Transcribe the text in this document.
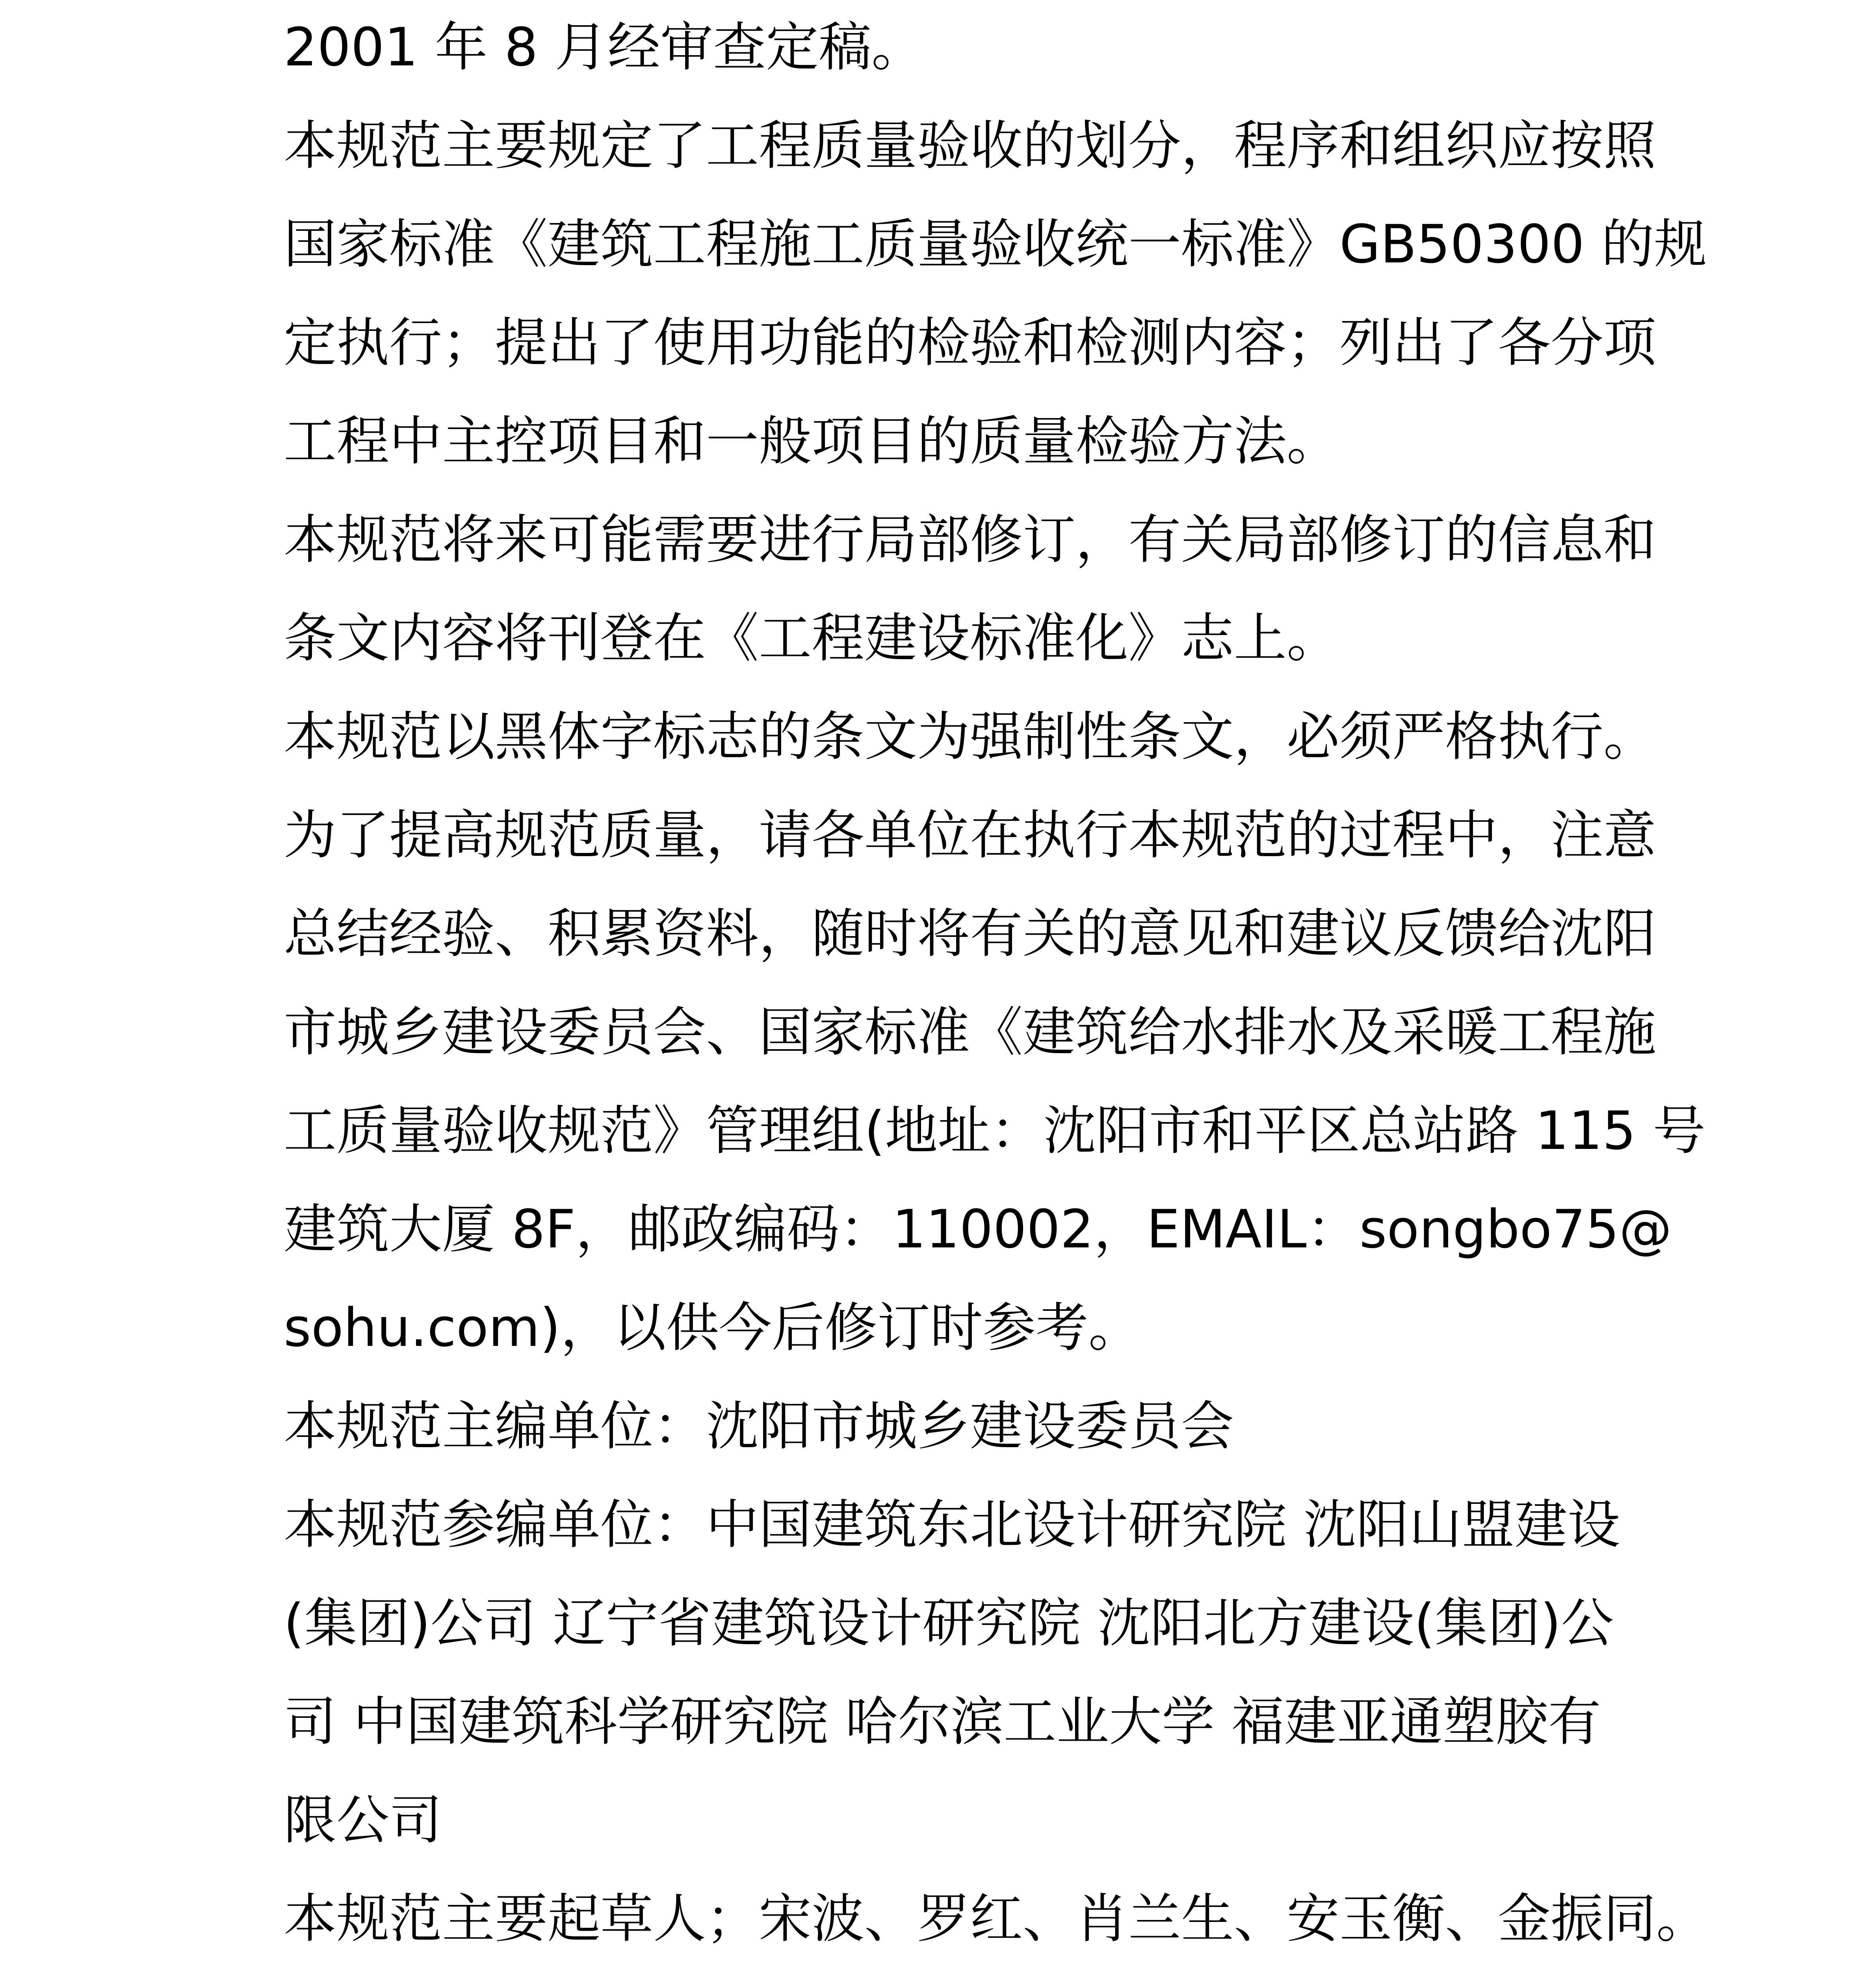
2001 年 8 月经审查定稿。
本规范主要规定了工程质量验收的划分，程序和组织应按照
国家标准《建筑工程施工质量验收统一标准》GB50300 的规
定执行；提出了使用功能的检验和检测内容；列出了各分项
工程中主控项目和一般项目的质量检验方法。
本规范将来可能需要进行局部修订，有关局部修订的信息和
条文内容将刊登在《工程建设标准化》志上。
本规范以黑体字标志的条文为强制性条文，必须严格执行。
为了提高规范质量，请各单位在执行本规范的过程中，注意
总结经验、积累资料，随时将有关的意见和建议反馈给沈阳
市城乡建设委员会、国家标准《建筑给水排水及采暖工程施
工质量验收规范》管理组(地址：沈阳市和平区总站路 115 号
建筑大厦 8F，邮政编码：110002，EMAIL：songbo75@
sohu.com)，以供今后修订时参考。
本规范主编单位：沈阳市城乡建设委员会
本规范参编单位：中国建筑东北设计研究院 沈阳山盟建设
(集团)公司 辽宁省建筑设计研究院 沈阳北方建设(集团)公
司 中国建筑科学研究院 哈尔滨工业大学 福建亚通塑胶有
限公司
本规范主要起草人；宋波、罗红、肖兰生、安玉衡、金振同。
